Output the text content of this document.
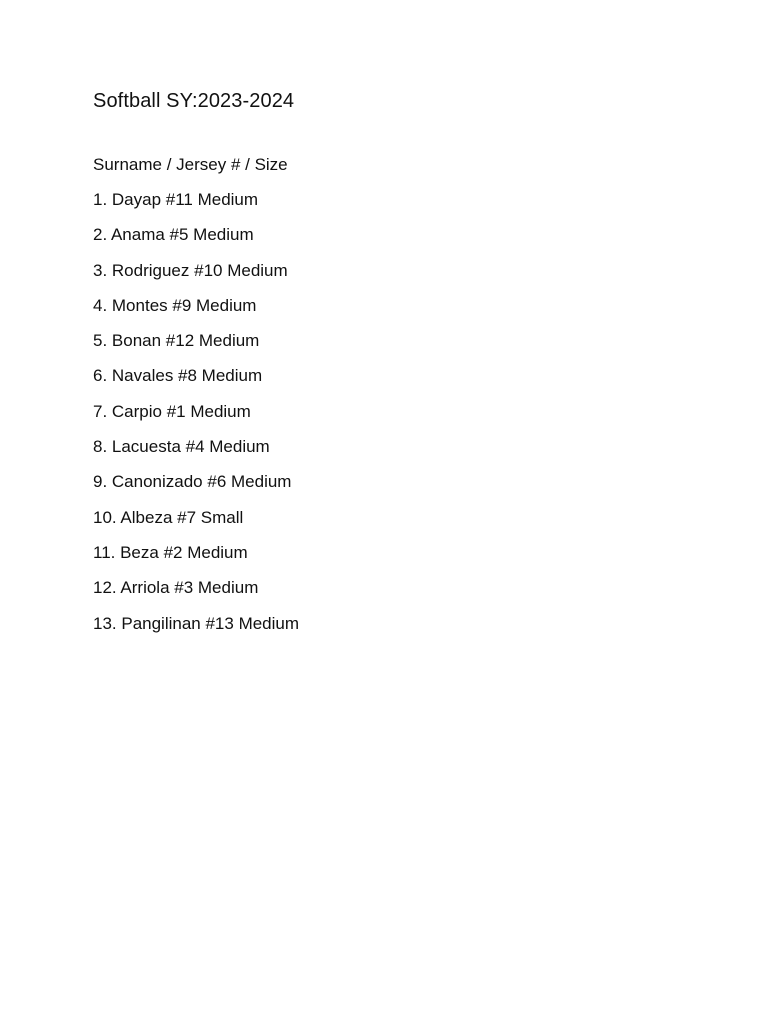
Softball SY:2023-2024

Surname / Jersey # / Size

1. Dayap #11 Medium
2. Anama #5 Medium
3. Rodriguez #10 Medium
4. Montes #9 Medium
5. Bonan #12 Medium
6. Navales #8 Medium
7. Carpio #1 Medium
8. Lacuesta #4 Medium
9. Canonizado #6 Medium
10. Albeza #7 Small
11. Beza #2 Medium
12. Arriola #3 Medium
13. Pangilinan #13 Medium
